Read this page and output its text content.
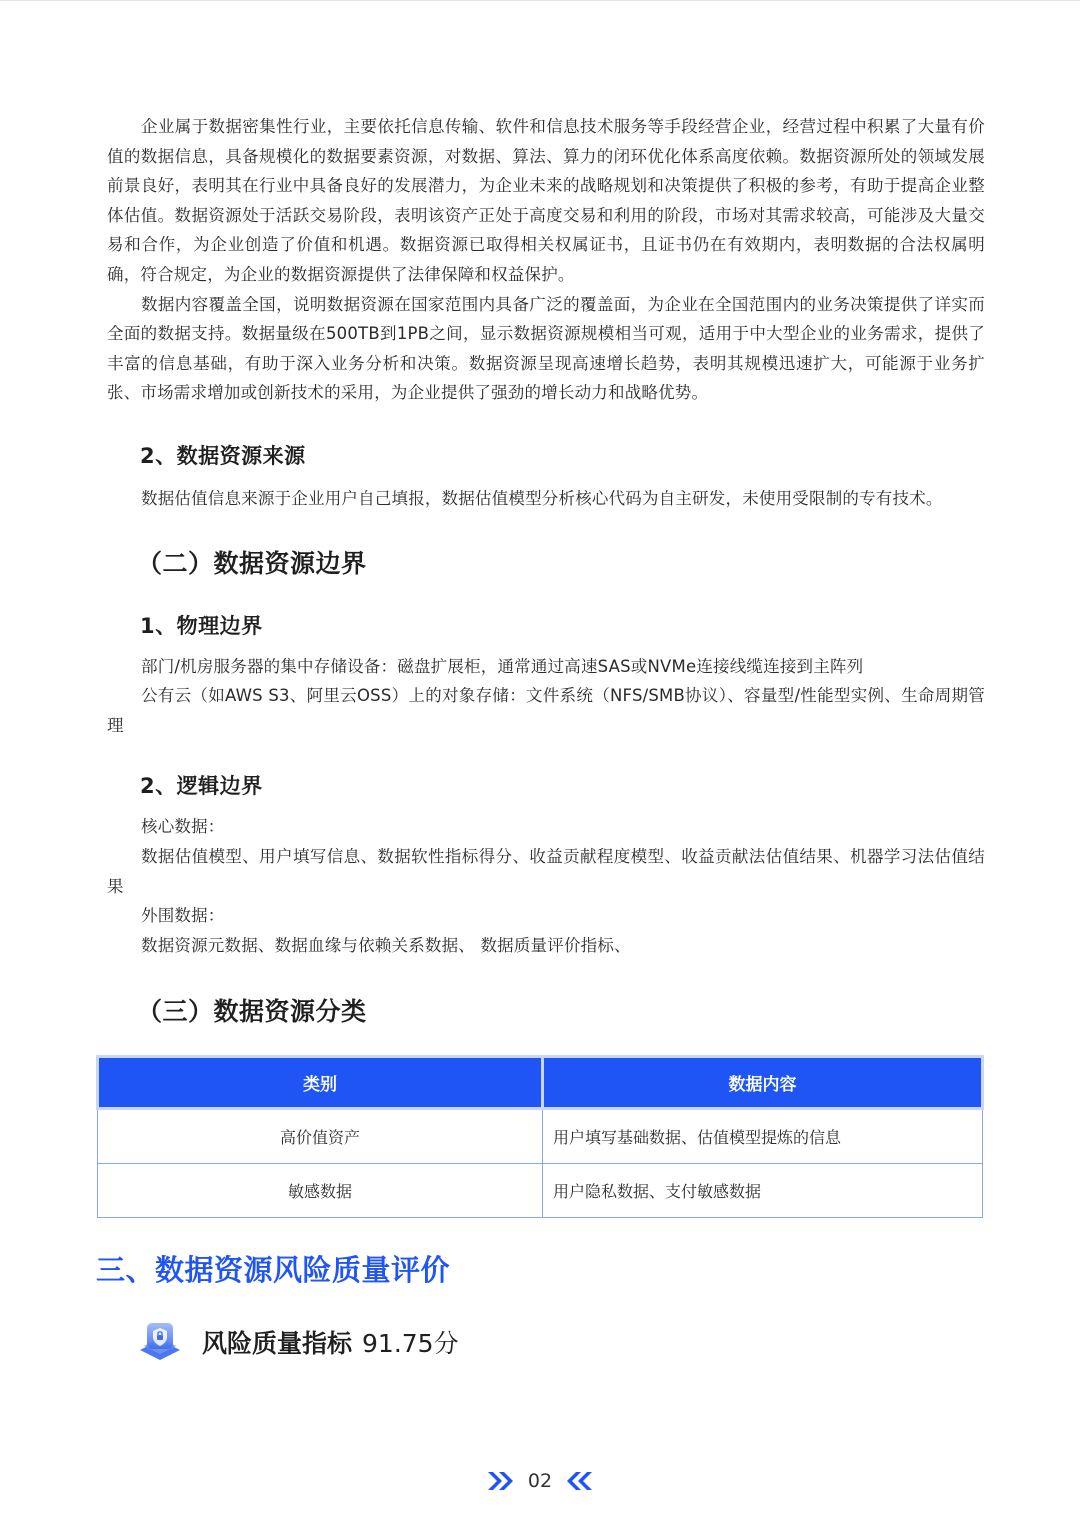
企业属于数据密集性行业，主要依托信息传输、软件和信息技术服务等手段经营企业，经营过程中积累了大量有价值的数据信息，具备规模化的数据要素资源，对数据、算法、算力的闭环优化体系高度依赖。数据资源所处的领域发展前景良好，表明其在行业中具备良好的发展潜力，为企业未来的战略规划和决策提供了积极的参考，有助于提高企业整体估值。数据资源处于活跃交易阶段，表明该资产正处于高度交易和利用的阶段，市场对其需求较高，可能涉及大量交易和合作，为企业创造了价值和机遇。数据资源已取得相关权属证书，且证书仍在有效期内，表明数据的合法权属明确，符合规定，为企业的数据资源提供了法律保障和权益保护。

数据内容覆盖全国，说明数据资源在国家范围内具备广泛的覆盖面，为企业在全国范围内的业务决策提供了详实而全面的数据支持。数据量级在500TB到1PB之间，显示数据资源规模相当可观，适用于中大型企业的业务需求，提供了丰富的信息基础，有助于深入业务分析和决策。数据资源呈现高速增长趋势，表明其规模迅速扩大，可能源于业务扩张、市场需求增加或创新技术的采用，为企业提供了强劲的增长动力和战略优势。

2、数据资源来源

数据估值信息来源于企业用户自己填报，数据估值模型分析核心代码为自主研发，未使用受限制的专有技术。

（二）数据资源边界
1、物理边界

部门/机房服务器的集中存储设备：磁盘扩展柜，通常通过高速SAS或NVMe连接线缆连接到主阵列

公有云（如AWS S3、阿里云OSS）上的对象存储：文件系统（NFS/SMB协议）、容量型/性能型实例、生命周期管理

2、逻辑边界

核心数据：

数据估值模型、用户填写信息、数据软性指标得分、收益贡献程度模型、收益贡献法估值结果、机器学习法估值结果

外围数据：

数据资源元数据、数据血缘与依赖关系数据、 数据质量评价指标、

（三）数据资源分类
类别	数据内容
高价值资产	用户填写基础数据、估值模型提炼的信息
敏感数据	用户隐私数据、支付敏感数据
三、数据资源风险质量评价
风险质量指标 91.75分
02
